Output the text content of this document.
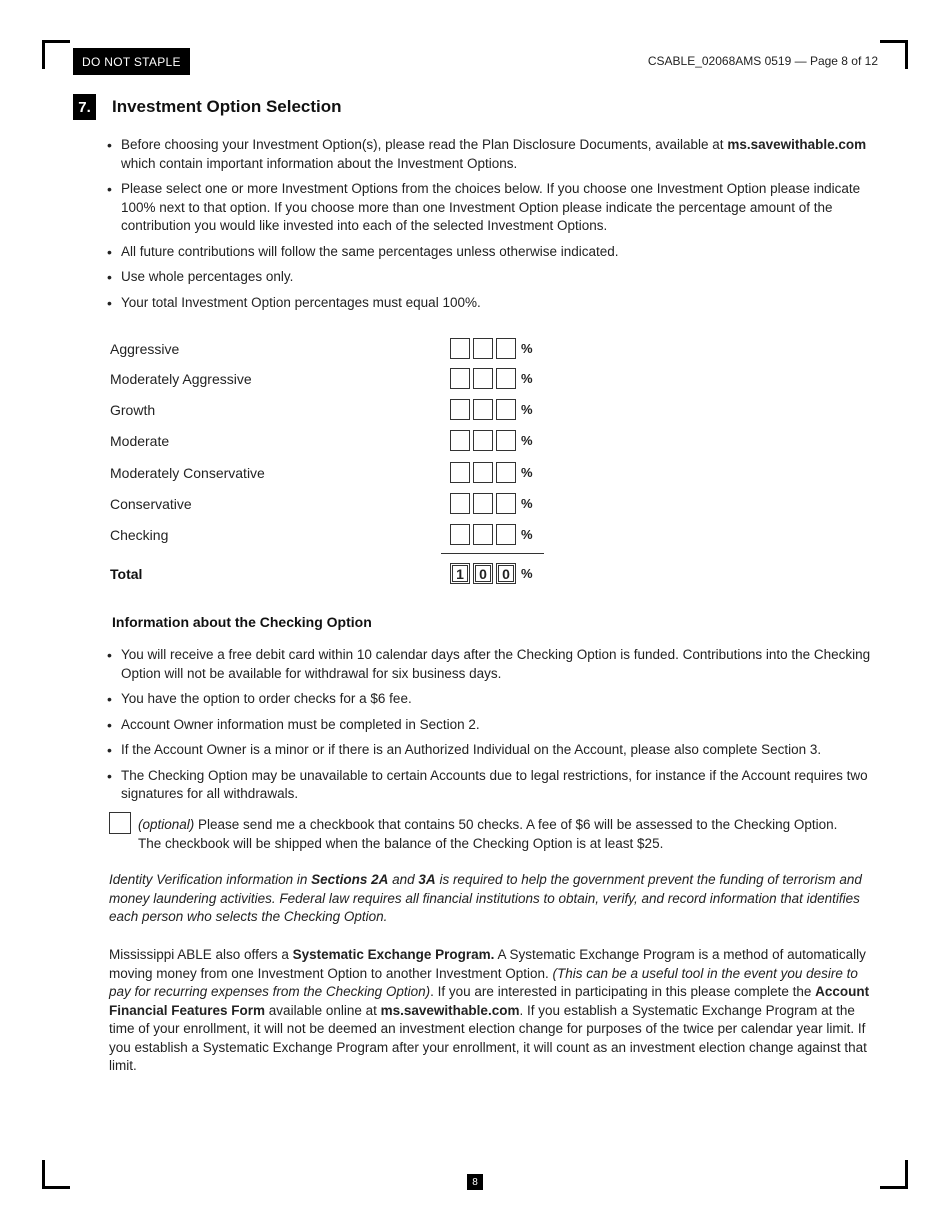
DO NOT STAPLE	CSABLE_02068AMS 0519 — Page 8 of 12
7.	Investment Option Selection
• Before choosing your Investment Option(s), please read the Plan Disclosure Documents, available at ms.savewithable.com which contain important information about the Investment Options.
• Please select one or more Investment Options from the choices below. If you choose one Investment Option please indicate 100% next to that option. If you choose more than one Investment Option please indicate the percentage amount of the contribution you would like invested into each of the selected Investment Options.
• All future contributions will follow the same percentages unless otherwise indicated.
• Use whole percentages only.
• Your total Investment Option percentages must equal 100%.
Aggressive	%
Moderately Aggressive	%
Growth	%
Moderate	%
Moderately Conservative	%
Conservative	%
Checking	%
Total	1 0 0 %
Information about the Checking Option
• You will receive a free debit card within 10 calendar days after the Checking Option is funded. Contributions into the Checking Option will not be available for withdrawal for six business days.
• You have the option to order checks for a $6 fee.
• Account Owner information must be completed in Section 2.
• If the Account Owner is a minor or if there is an Authorized Individual on the Account, please also complete Section 3.
• The Checking Option may be unavailable to certain Accounts due to legal restrictions, for instance if the Account requires two signatures for all withdrawals.
(optional) Please send me a checkbook that contains 50 checks. A fee of $6 will be assessed to the Checking Option. The checkbook will be shipped when the balance of the Checking Option is at least $25.
Identity Verification information in Sections 2A and 3A is required to help the government prevent the funding of terrorism and money laundering activities. Federal law requires all financial institutions to obtain, verify, and record information that identifies each person who selects the Checking Option.
Mississippi ABLE also offers a Systematic Exchange Program. A Systematic Exchange Program is a method of automatically moving money from one Investment Option to another Investment Option. (This can be a useful tool in the event you desire to pay for recurring expenses from the Checking Option). If you are interested in participating in this please complete the Account Financial Features Form available online at ms.savewithable.com. If you establish a Systematic Exchange Program at the time of your enrollment, it will not be deemed an investment election change for purposes of the twice per calendar year limit. If you establish a Systematic Exchange Program after your enrollment, it will count as an investment election change against that limit.
8
